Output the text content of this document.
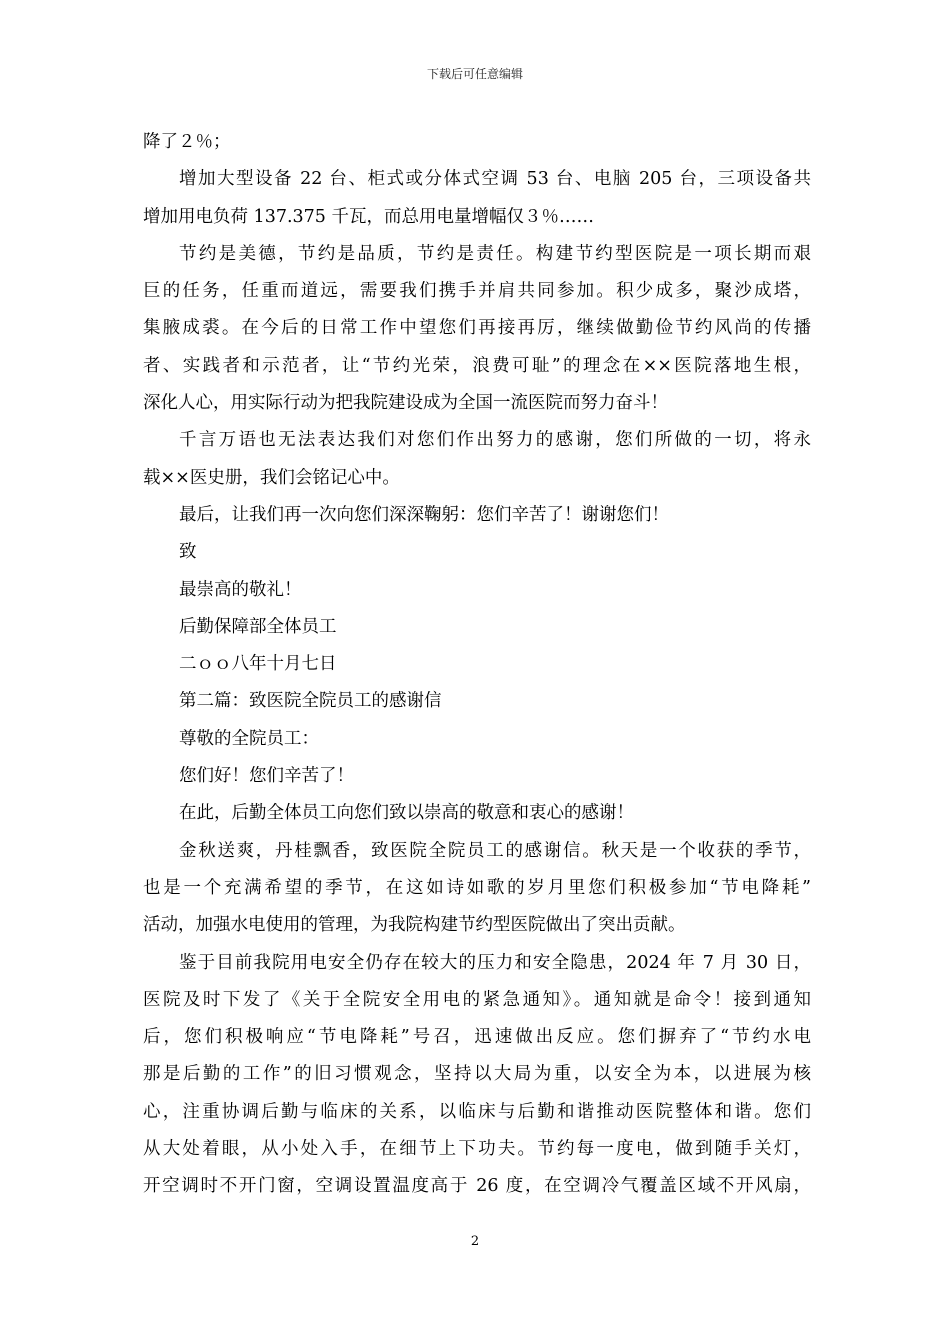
下载后可任意编辑
降了２％；
增加大型设备 22 台、柜式或分体式空调 53 台、电脑 205 台，三项设备共
增加用电负荷 137.375 千瓦，而总用电量增幅仅３％……
节约是美德，节约是品质，节约是责任。构建节约型医院是一项长期而艰
巨的任务，任重而道远，需要我们携手并肩共同参加。积少成多，聚沙成塔，
集腋成裘。在今后的日常工作中望您们再接再厉，继续做勤俭节约风尚的传播
者、实践者和示范者，让“节约光荣，浪费可耻”的理念在××医院落地生根，
深化人心，用实际行动为把我院建设成为全国一流医院而努力奋斗！
千言万语也无法表达我们对您们作出努力的感谢，您们所做的一切，将永
载××医史册，我们会铭记心中。
最后，让我们再一次向您们深深鞠躬：您们辛苦了！谢谢您们！
致
最崇高的敬礼！
后勤保障部全体员工
二ｏｏ八年十月七日
第二篇：致医院全院员工的感谢信
尊敬的全院员工：
您们好！您们辛苦了！
在此，后勤全体员工向您们致以崇高的敬意和衷心的感谢！
金秋送爽，丹桂飘香，致医院全院员工的感谢信。秋天是一个收获的季节，
也是一个充满希望的季节，在这如诗如歌的岁月里您们积极参加“节电降耗”
活动，加强水电使用的管理，为我院构建节约型医院做出了突出贡献。
鉴于目前我院用电安全仍存在较大的压力和安全隐患，2024 年 7 月 30 日，
医院及时下发了《关于全院安全用电的紧急通知》。通知就是命令！接到通知
后，您们积极响应“节电降耗”号召，迅速做出反应。您们摒弃了“节约水电
那是后勤的工作”的旧习惯观念，坚持以大局为重，以安全为本，以进展为核
心，注重协调后勤与临床的关系，以临床与后勤和谐推动医院整体和谐。您们
从大处着眼，从小处入手，在细节上下功夫。节约每一度电，做到随手关灯，
开空调时不开门窗，空调设置温度高于 26 度，在空调冷气覆盖区域不开风扇，
2
